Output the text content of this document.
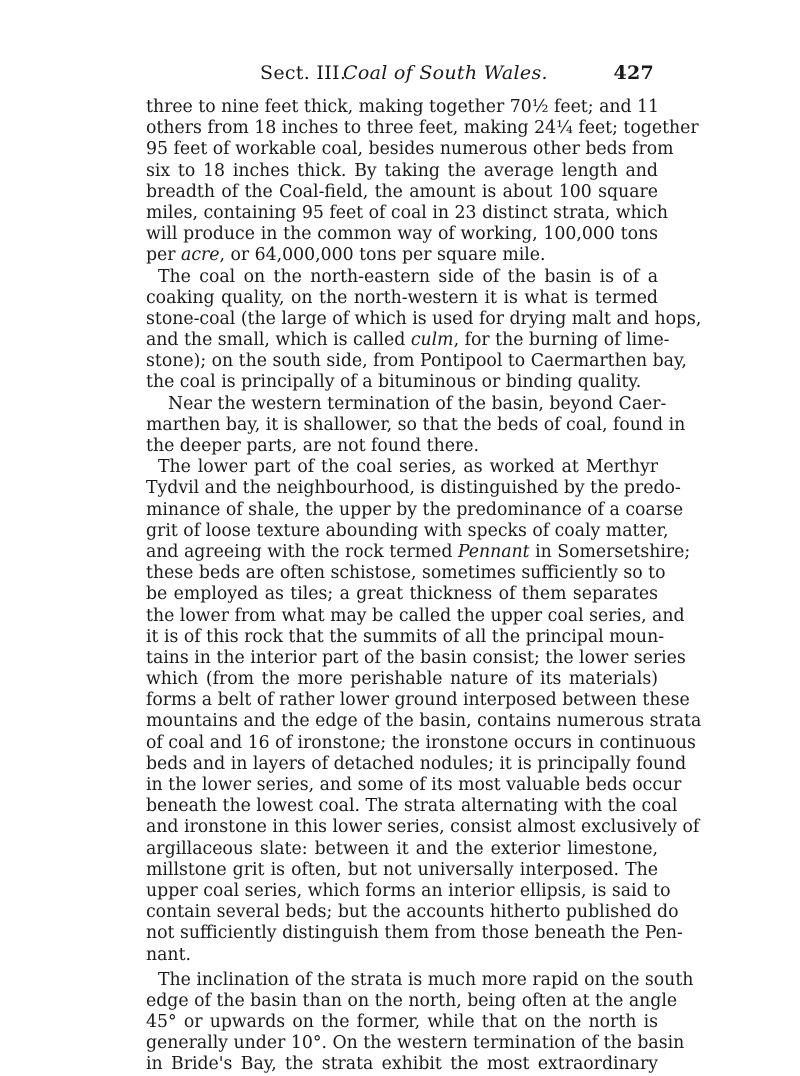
Sect. III.
Coal of South Wales.	427
three to nine feet thick, making together 70½ feet; and 11
others from 18 inches to three feet, making 24¼ feet; together
95 feet of workable coal, besides numerous other beds from
six to 18 inches thick. By taking the average length and
breadth of the Coal-field, the amount is about 100 square
miles, containing 95 feet of coal in 23 distinct strata, which
will produce in the common way of working, 100,000 tons
per acre, or 64,000,000 tons per square mile.
The coal on the north-eastern side of the basin is of a
coaking quality, on the north-western it is what is termed
stone-coal (the large of which is used for drying malt and hops,
and the small, which is called culm, for the burning of lime-
stone); on the south side, from Pontipool to Caermarthen bay,
the coal is principally of a bituminous or binding quality.
Near the western termination of the basin, beyond Caer-
marthen bay, it is shallower, so that the beds of coal, found in
the deeper parts, are not found there.
The lower part of the coal series, as worked at Merthyr
Tydvil and the neighbourhood, is distinguished by the predo-
minance of shale, the upper by the predominance of a coarse
grit of loose texture abounding with specks of coaly matter,
and agreeing with the rock termed Pennant in Somersetshire;
these beds are often schistose, sometimes sufficiently so to
be employed as tiles; a great thickness of them separates
the lower from what may be called the upper coal series, and
it is of this rock that the summits of all the principal moun-
tains in the interior part of the basin consist; the lower series
which (from the more perishable nature of its materials)
forms a belt of rather lower ground interposed between these
mountains and the edge of the basin, contains numerous strata
of coal and 16 of ironstone; the ironstone occurs in continuous
beds and in layers of detached nodules; it is principally found
in the lower series, and some of its most valuable beds occur
beneath the lowest coal. The strata alternating with the coal
and ironstone in this lower series, consist almost exclusively of
argillaceous slate: between it and the exterior limestone,
millstone grit is often, but not universally interposed. The
upper coal series, which forms an interior ellipsis, is said to
contain several beds; but the accounts hitherto published do
not sufficiently distinguish them from those beneath the Pen-
nant.
The inclination of the strata is much more rapid on the south
edge of the basin than on the north, being often at the angle
45° or upwards on the former, while that on the north is
generally under 10°. On the western termination of the basin
in Bride's Bay, the strata exhibit the most extraordinary
